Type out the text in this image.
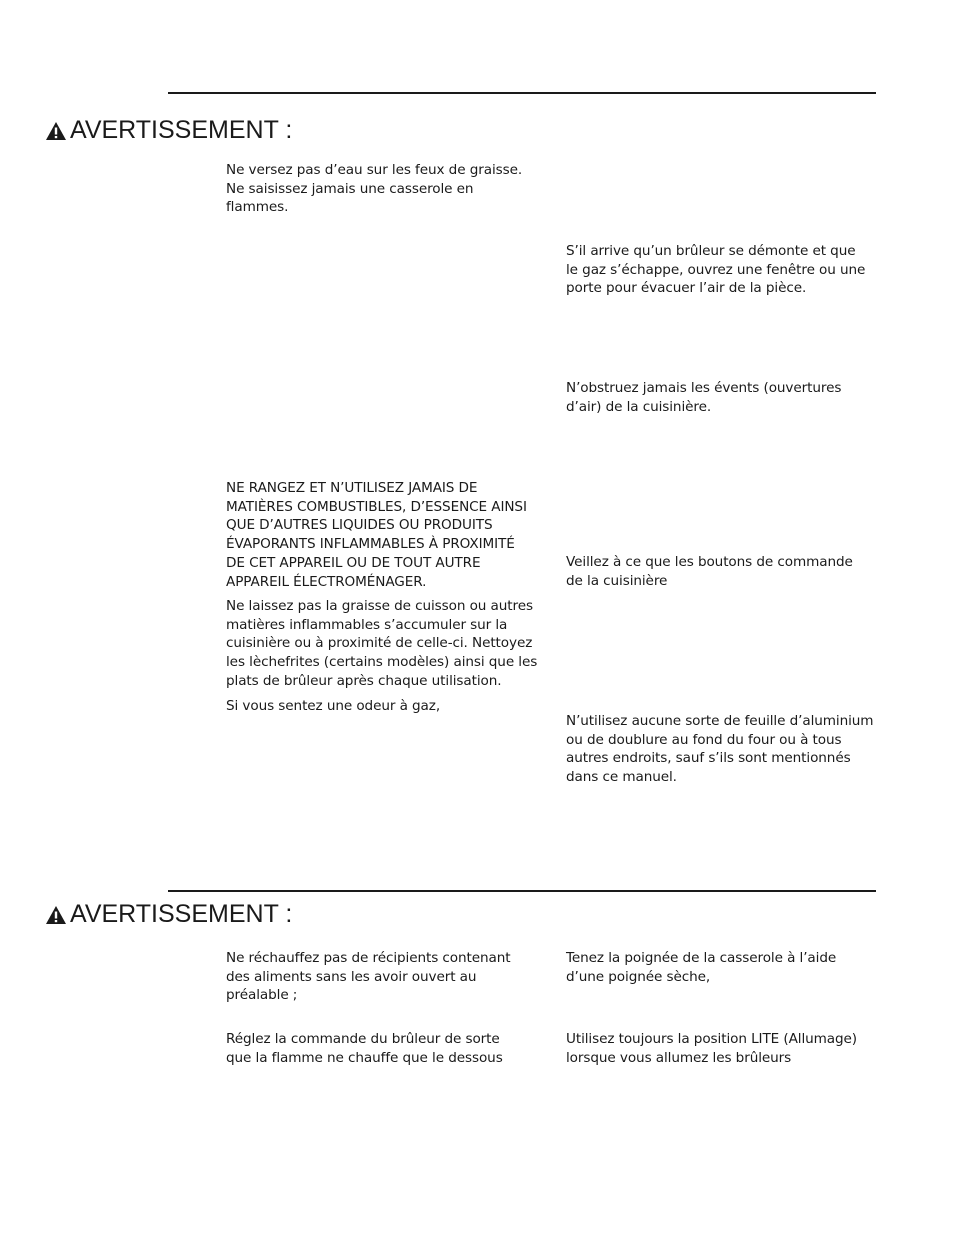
AVERTISSEMENT :

Ne versez pas d’eau sur les feux de graisse.
Ne saisissez jamais une casserole en
flammes.

NE RANGEZ ET N’UTILISEZ JAMAIS DE
MATIÈRES COMBUSTIBLES, D’ESSENCE AINSI
QUE D’AUTRES LIQUIDES OU PRODUITS
ÉVAPORANTS INFLAMMABLES À PROXIMITÉ
DE CET APPAREIL OU DE TOUT AUTRE
APPAREIL ÉLECTROMÉNAGER.

Ne laissez pas la graisse de cuisson ou autres
matières inflammables s’accumuler sur la
cuisinière ou à proximité de celle-ci. Nettoyez
les lèchefrites (certains modèles) ainsi que les
plats de brûleur après chaque utilisation.

Si vous sentez une odeur à gaz,

S’il arrive qu’un brûleur se démonte et que
le gaz s’échappe, ouvrez une fenêtre ou une
porte pour évacuer l’air de la pièce.

N’obstruez jamais les évents (ouvertures
d’air) de la cuisinière.

Veillez à ce que les boutons de commande
de la cuisinière

N’utilisez aucune sorte de feuille d’aluminium
ou de doublure au fond du four ou à tous
autres endroits, sauf s’ils sont mentionnés
dans ce manuel.

AVERTISSEMENT :

Ne réchauffez pas de récipients contenant
des aliments sans les avoir ouvert au
préalable ;

Réglez la commande du brûleur de sorte
que la flamme ne chauffe que le dessous

Tenez la poignée de la casserole à l’aide
d’une poignée sèche,

Utilisez toujours la position LITE (Allumage)
lorsque vous allumez les brûleurs
